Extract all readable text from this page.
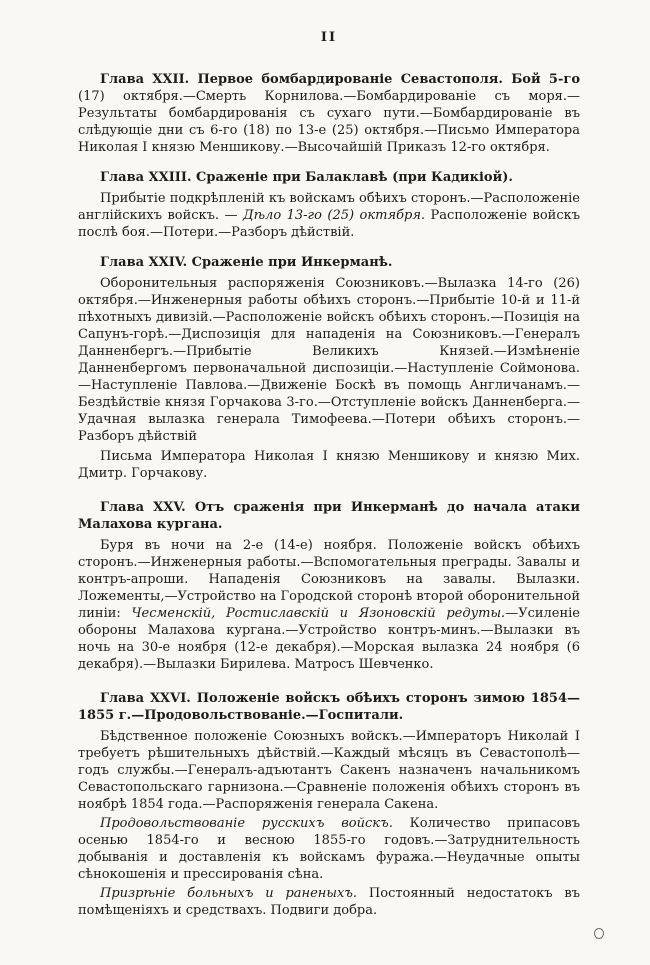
II

Глава XXII. Первое бомбардированіе Севастополя. Бой 5-го (17) октября.—Смерть Корнилова.—Бомбардированіе съ моря.—Результаты бомбардированія съ сухаго пути.—Бомбардированіе въ слѣдующіе дни съ 6-го (18) по 13-е (25) октября.—Письмо Императора Николая I князю Меншикову.—Высочайшій Приказъ 12-го октября.

Глава XXIII. Сраженіе при Балаклавѣ (при Кадикіой).

Прибытіе подкрѣпленій къ войскамъ обѣихъ сторонъ.—Расположеніе англійскихъ войскъ. — Дѣло 13-го (25) октября. Расположеніе войскъ послѣ боя.—Потери.—Разборъ дѣйствій.

Глава XXIV. Сраженіе при Инкерманѣ.

Оборонительныя распоряженія Союзниковъ.—Вылазка 14-го (26) октября.—Инженерныя работы обѣихъ сторонъ.—Прибытіе 10-й и 11-й пѣхотныхъ дивизій.—Расположеніе войскъ обѣихъ сторонъ.—Позиція на Сапунъ-горѣ.—Диспозиція для нападенія на Союзниковъ.—Генералъ Данненбергъ.—Прибытіе Великихъ Князей.—Измѣненіе Данненбергомъ первоначальной диспозиціи.—Наступленіе Соймонова.—Наступленіе Павлова.—Движеніе Боскѣ въ помощь Англичанамъ.—Бездѣйствіе князя Горчакова 3-го.—Отступленіе войскъ Данненберга.—Удачная вылазка генерала Тимофеева.—Потери обѣихъ сторонъ.—Разборъ дѣйствій

Письма Императора Николая I князю Меншикову и князю Мих. Дмитр. Горчакову.

Глава XXV. Отъ сраженія при Инкерманѣ до начала атаки Малахова кургана.

Буря въ ночи на 2-е (14-е) ноября. Положеніе войскъ обѣихъ сторонъ.—Инженерныя работы.—Вспомогательныя преграды. Завалы и контръ-апроши. Нападенія Союзниковъ на завалы. Вылазки. Ложементы,—Устройство на Городской сторонѣ второй оборонительной линіи: Чесменскій, Ростиславскій и Язоновскій редуты.—Усиленіе обороны Малахова кургана.—Устройство контръ-минъ.—Вылазки въ ночь на 30-е ноября (12-е декабря).—Морская вылазка 24 ноября (6 декабря).—Вылазки Бирилева. Матросъ Шевченко.

Глава XXVI. Положеніе войскъ обѣихъ сторонъ зимою 1854—1855 г.—Продовольствованіе.—Госпитали.

Бѣдственное положеніе Союзныхъ войскъ.—Императоръ Николай I требуетъ рѣшительныхъ дѣйствій.—Каждый мѣсяцъ въ Севастополѣ—годъ службы.—Генералъ-адъютантъ Сакенъ назначенъ начальникомъ Севастопольскаго гарнизона.—Сравненіе положенія обѣихъ сторонъ въ ноябрѣ 1854 года.—Распоряженія генерала Сакена.

Продовольствованіе русскихъ войскъ. Количество припасовъ осенью 1854-го и весною 1855-го годовъ.—Затруднительность добыванія и доставленія къ войскамъ фуража.—Неудачные опыты сѣнокошенія и прессированія сѣна.

Призрѣніе больныхъ и раненыхъ. Постоянный недостатокъ въ помѣщеніяхъ и средствахъ. Подвиги добра.
